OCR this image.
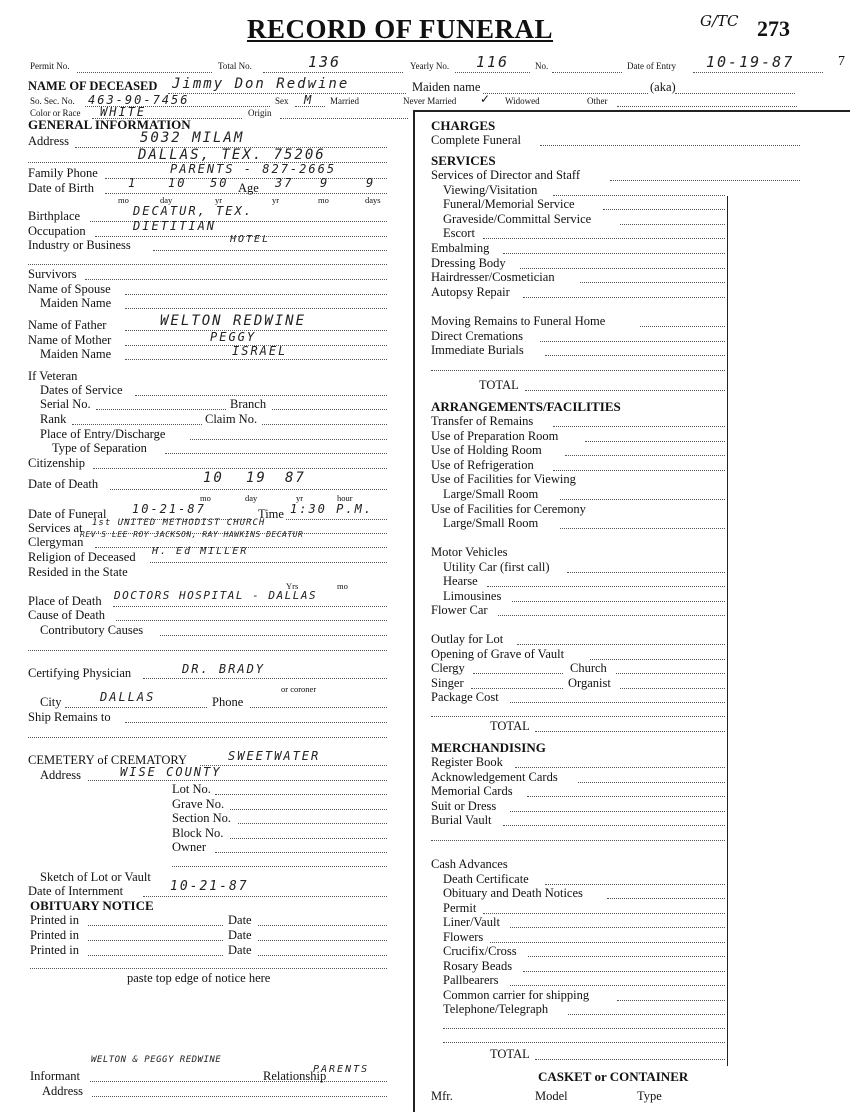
RECORD OF FUNERAL	G/TC 273
7
Permit No.	Total No.	136	Yearly No. 116	No.	Date of Entry 10-19-87
NAME OF DECEASED Jimmy Don Redwine	Maiden name	(aka)
So. Sec. No. 463-90-7456	Sex M Married	Never Married ✓ Widowed	Other
Color or Race WHITE	Origin
GENERAL INFORMATION
Address	5032 MILAM
DALLAS, TEX. 75206
Family Phone	PARENTS - 827-2665
Date of Birth	1	10 50 Age 37 9	9
mo	day	yr	yr	mo	days
Birthplace	DECATUR, TEX.
Occupation	DIETITIAN
Industry or Business	HOTEL
Survivors
Name of Spouse
Maiden Name
Name of Father	WELTON REDWINE
Name of Mother	PEGGY
Maiden Name	ISRAEL
If Veteran
Dates of Service
Serial No.	Branch
Rank	Claim No.
Place of Entry/Discharge
Type of Separation
Citizenship
Date of Death	10 19 87
mo	day	yr	hour
Date of Funeral 10-21-87	Time 1:30 P.M.
Services at 1st UNITED METHODIST CHURCH
Clergyman
REV'S LEE ROY JACKSON, RAY HAWKINS DECATUR
Religion of Deceased H. Ed MILLER
Resided in the State
Yrs	mo
Place of Death DOCTORS HOSPITAL - DALLAS
Cause of Death
Contributory Causes
Certifying Physician	DR. BRADY
or coroner
City	DALLAS	Phone
Ship Remains to
CEMETERY of CREMATORY	SWEETWATER
Address	WISE COUNTY
Lot No.
Grave No.
Section No.
Block No.
Owner
Sketch of Lot or Vault
Date of Internment	10-21-87
OBITUARY NOTICE
Printed in	Date
Printed in	Date
Printed in	Date
paste top edge of notice here
Informant
WELTON & PEGGY REDWINE
Relationship
PARENTS
Address
CHARGES
Complete Funeral
SERVICES
Services of Director and Staff
Viewing/Visitation
Funeral/Memorial Service
Graveside/Committal Service
Escort
Embalming
Dressing Body
Hairdresser/Cosmetician
Autopsy Repair
Moving Remains to Funeral Home
Direct Cremations
Immediate Burials
TOTAL
ARRANGEMENTS/FACILITIES
Transfer of Remains
Use of Preparation Room
Use of Holding Room
Use of Refrigeration
Use of Facilities for Viewing
Large/Small Room
Use of Facilities for Ceremony
Large/Small Room
Motor Vehicles
Utility Car (first call)
Hearse
Limousines
Flower Car
Outlay for Lot
Opening of Grave of Vault
Clergy	Church
Singer	Organist
Package Cost
TOTAL
MERCHANDISING
Register Book
Acknowledgement Cards
Memorial Cards
Suit or Dress
Burial Vault
Cash Advances
Death Certificate
Obituary and Death Notices
Permit
Liner/Vault
Flowers
Crucifix/Cross
Rosary Beads
Pallbearers
Common carrier for shipping
Telephone/Telegraph
TOTAL
CASKET or CONTAINER
Mfr.	Model	Type
